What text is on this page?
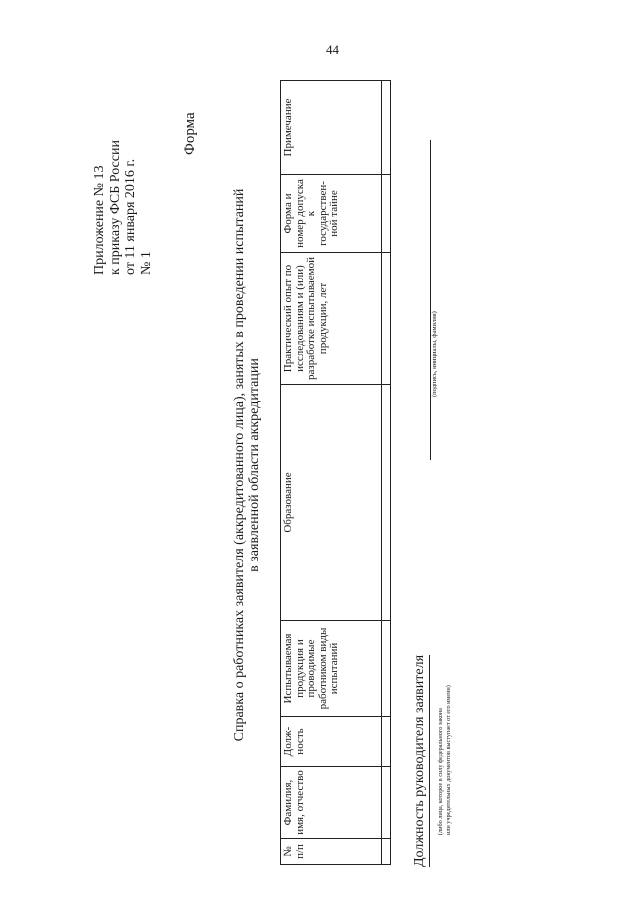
44
Приложение № 13 к приказу ФСБ России от 11 января 2016 г. № 1
Форма
Справка о работниках заявителя (аккредитованного лица), занятых в проведении испытаний в заявленной области аккредитации
№ п/п	Фамилия, имя, отчество	Долж-ность	Испытываемая продукция и проводимые работником виды испытаний	Образование	Практический опыт по исследованиям и (или) разработке испытываемой продукции, лет	Форма и номер допуска к государствен-ной тайне	Примечание

(подпись, инициалы, фамилия)
Должность руководителя заявителя	(либо лица, которое в силу федерального закона или учредительных документов выступает от его имени)
